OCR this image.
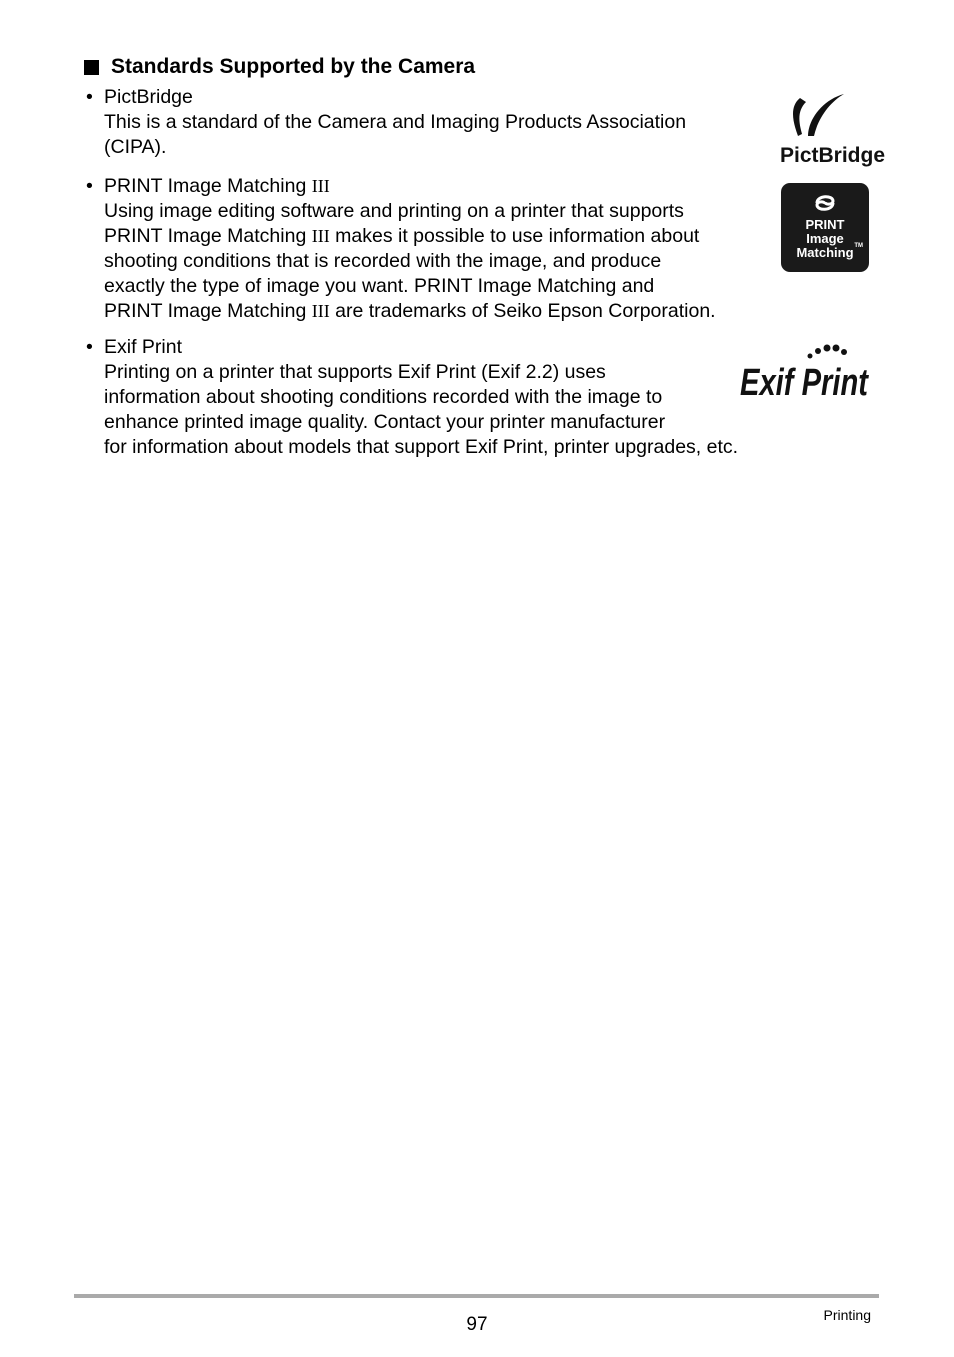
Standards Supported by the Camera
• PictBridge
This is a standard of the Camera and Imaging Products Association
(CIPA).
• PRINT Image Matching III
Using image editing software and printing on a printer that supports
PRINT Image Matching III makes it possible to use information about
shooting conditions that is recorded with the image, and produce
exactly the type of image you want. PRINT Image Matching and
PRINT Image Matching III are trademarks of Seiko Epson Corporation.
• Exif Print
Printing on a printer that supports Exif Print (Exif 2.2) uses
information about shooting conditions recorded with the image to
enhance printed image quality. Contact your printer manufacturer
for information about models that support Exif Print, printer upgrades, etc.
PictBridge
PRINT
Image
Matching TM
Exif Print
97	Printing
